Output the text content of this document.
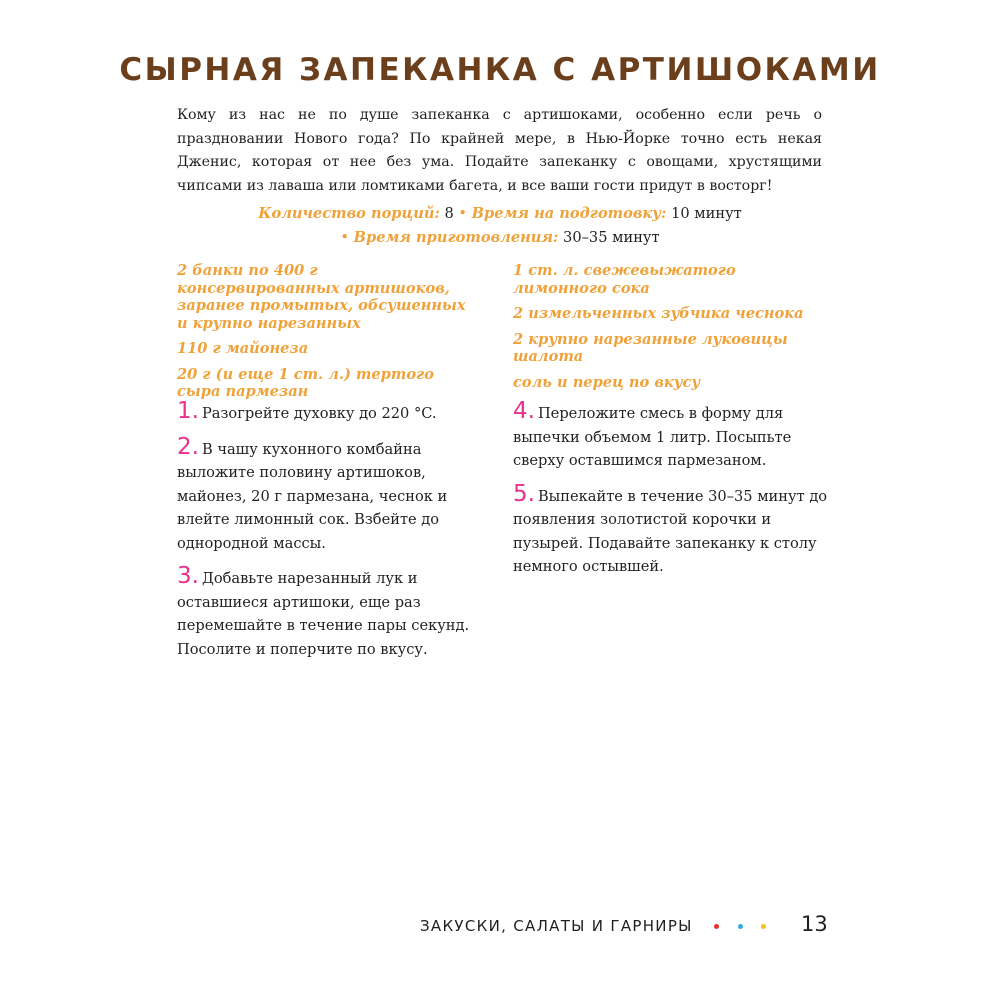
СЫРНАЯ ЗАПЕКАНКА С АРТИШОКАМИ
Кому из нас не по душе запеканка с артишоками, особенно если речь о праздновании Нового года? По крайней мере, в Нью-Йорке точно есть некая Дженис, которая от нее без ума. Подайте запеканку с овощами, хрустящими чипсами из лаваша или ломтиками багета, и все ваши гости придут в восторг!
Количество порций: 8 • Время на подготовку: 10 минут
• Время приготовления: 30–35 минут
2 банки по 400 г консервированных артишоков, заранее промытых, обсушенных и крупно нарезанных
110 г майонеза
20 г (и еще 1 ст. л.) тертого сыра пармезан
1 ст. л. свежевыжатого лимонного сока
2 измельченных зубчика чеснока
2 крупно нарезанные луковицы шалота
соль и перец по вкусу
1. Разогрейте духовку до 220 °C.
2. В чашу кухонного комбайна выложите половину артишоков, майонез, 20 г пармезана, чеснок и влейте лимонный сок. Взбейте до однородной массы.
3. Добавьте нарезанный лук и оставшиеся артишоки, еще раз перемешайте в течение пары секунд. Посолите и поперчите по вкусу.
4. Переложите смесь в форму для выпечки объемом 1 литр. Посыпьте сверху оставшимся пармезаном.
5. Выпекайте в течение 30–35 минут до появления золотистой корочки и пузырей. Подавайте запеканку к столу немного остывшей.
ЗАКУСКИ, САЛАТЫ И ГАРНИРЫ	13
